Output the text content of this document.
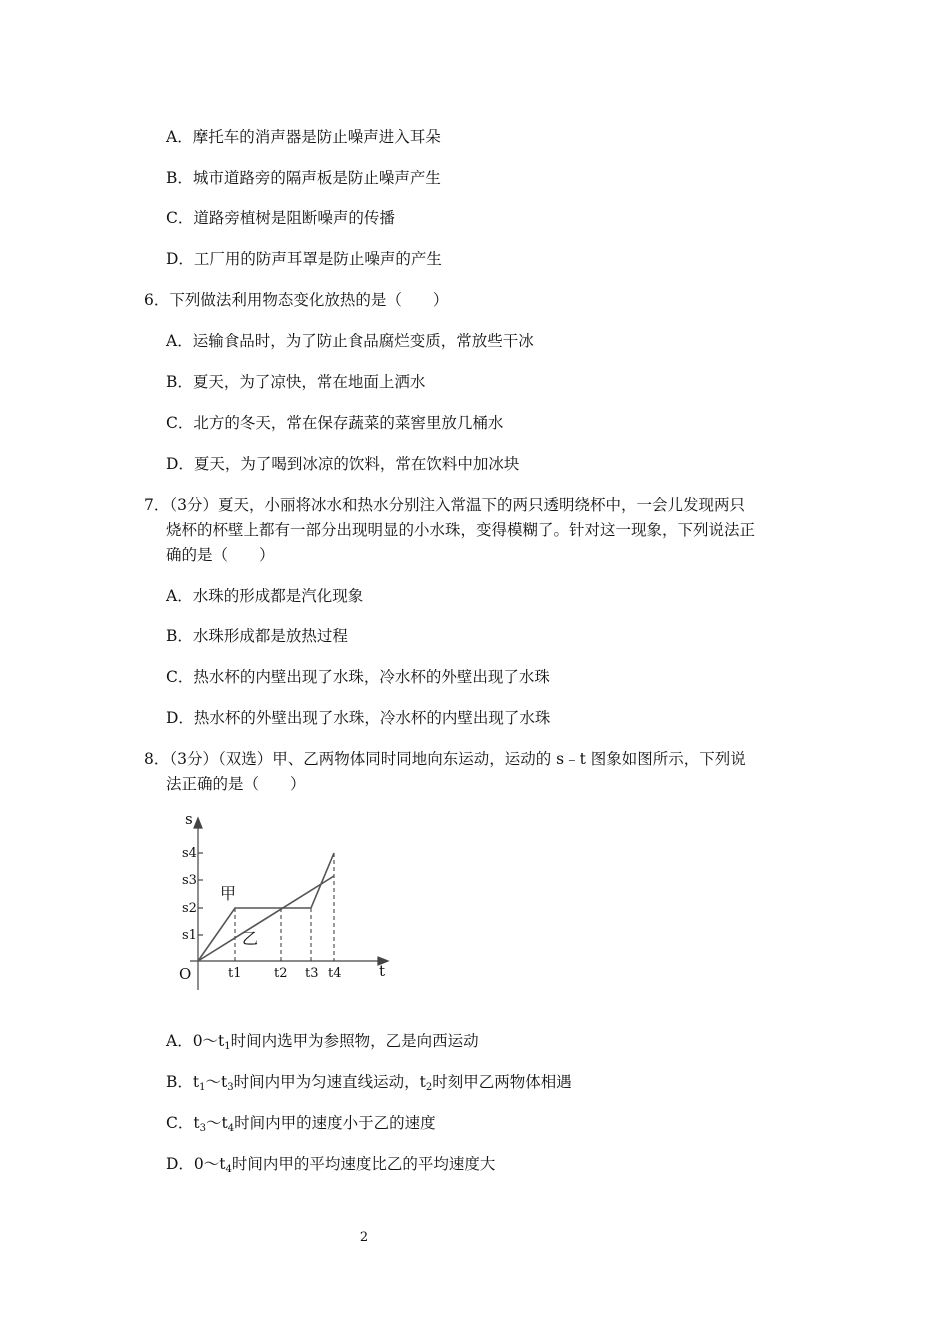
A．摩托车的消声器是防止噪声进入耳朵
B．城市道路旁的隔声板是防止噪声产生
C．道路旁植树是阻断噪声的传播
D．工厂用的防声耳罩是防止噪声的产生
6．下列做法利用物态变化放热的是（　　）
A．运输食品时，为了防止食品腐烂变质，常放些干冰
B．夏天，为了凉快，常在地面上洒水
C．北方的冬天，常在保存蔬菜的菜窖里放几桶水
D．夏天，为了喝到冰凉的饮料，常在饮料中加冰块
7．（3分）夏天，小丽将冰水和热水分别注入常温下的两只透明绕杯中，一会儿发现两只
烧杯的杯壁上都有一部分出现明显的小水珠，变得模糊了。针对这一现象，下列说法正
确的是（　　）
A．水珠的形成都是汽化现象
B．水珠形成都是放热过程
C．热水杯的内壁出现了水珠，冷水杯的外壁出现了水珠
D．热水杯的外壁出现了水珠，冷水杯的内壁出现了水珠
8．（3分）（双选）甲、乙两物体同时同地向东运动，运动的 s﹣t 图象如图所示，下列说
法正确的是（　　）
s
t
O
s4
s3
s2
s1
t1	t2 t3 t4
甲
乙
A．$0\sim t_1$时间内选甲为参照物，乙是向西运动
B．$t_1\sim t_3$时间内甲为匀速直线运动，$t_2$时刻甲乙两物体相遇
C．$t_3\sim t_4$时间内甲的速度小于乙的速度
D．$0\sim t_4$时间内甲的平均速度比乙的平均速度大
2
